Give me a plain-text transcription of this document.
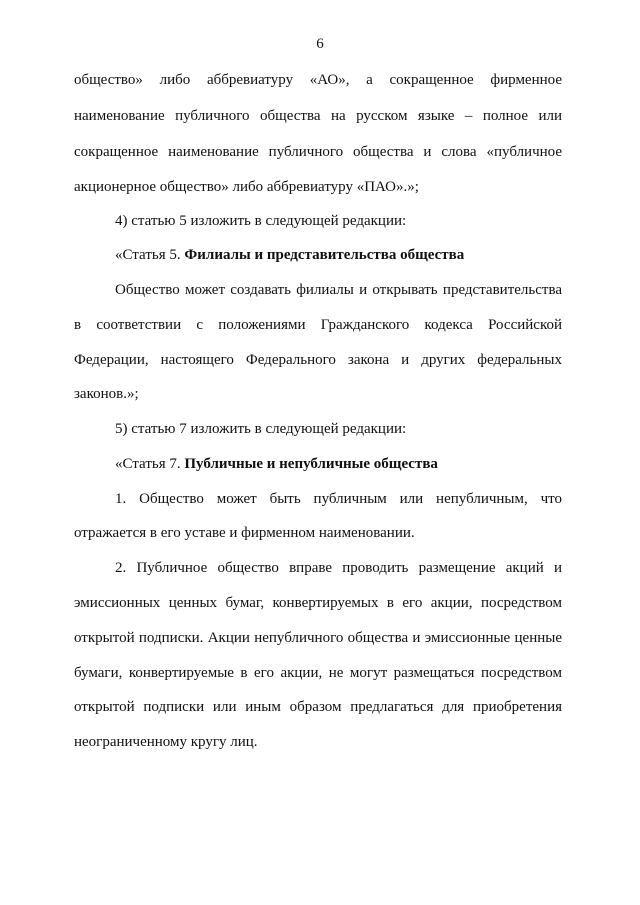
6
общество» либо аббревиатуру «АО», а сокращенное фирменное
наименование публичного общества на русском языке – полное или
сокращенное наименование публичного общества и слова «публичное
акционерное общество» либо аббревиатуру «ПАО».»;
4) статью 5 изложить в следующей редакции:
«Статья 5. Филиалы и представительства общества
Общество может создавать филиалы и открывать представительства
в соответствии с положениями Гражданского кодекса Российской
Федерации, настоящего Федерального закона и других федеральных
законов.»;
5) статью 7 изложить в следующей редакции:
«Статья 7. Публичные и непубличные общества
1. Общество может быть публичным или непубличным, что
отражается в его уставе и фирменном наименовании.
2. Публичное общество вправе проводить размещение акций и
эмиссионных ценных бумаг, конвертируемых в его акции, посредством
открытой подписки. Акции непубличного общества и эмиссионные ценные
бумаги, конвертируемые в его акции, не могут размещаться посредством
открытой подписки или иным образом предлагаться для приобретения
неограниченному кругу лиц.
